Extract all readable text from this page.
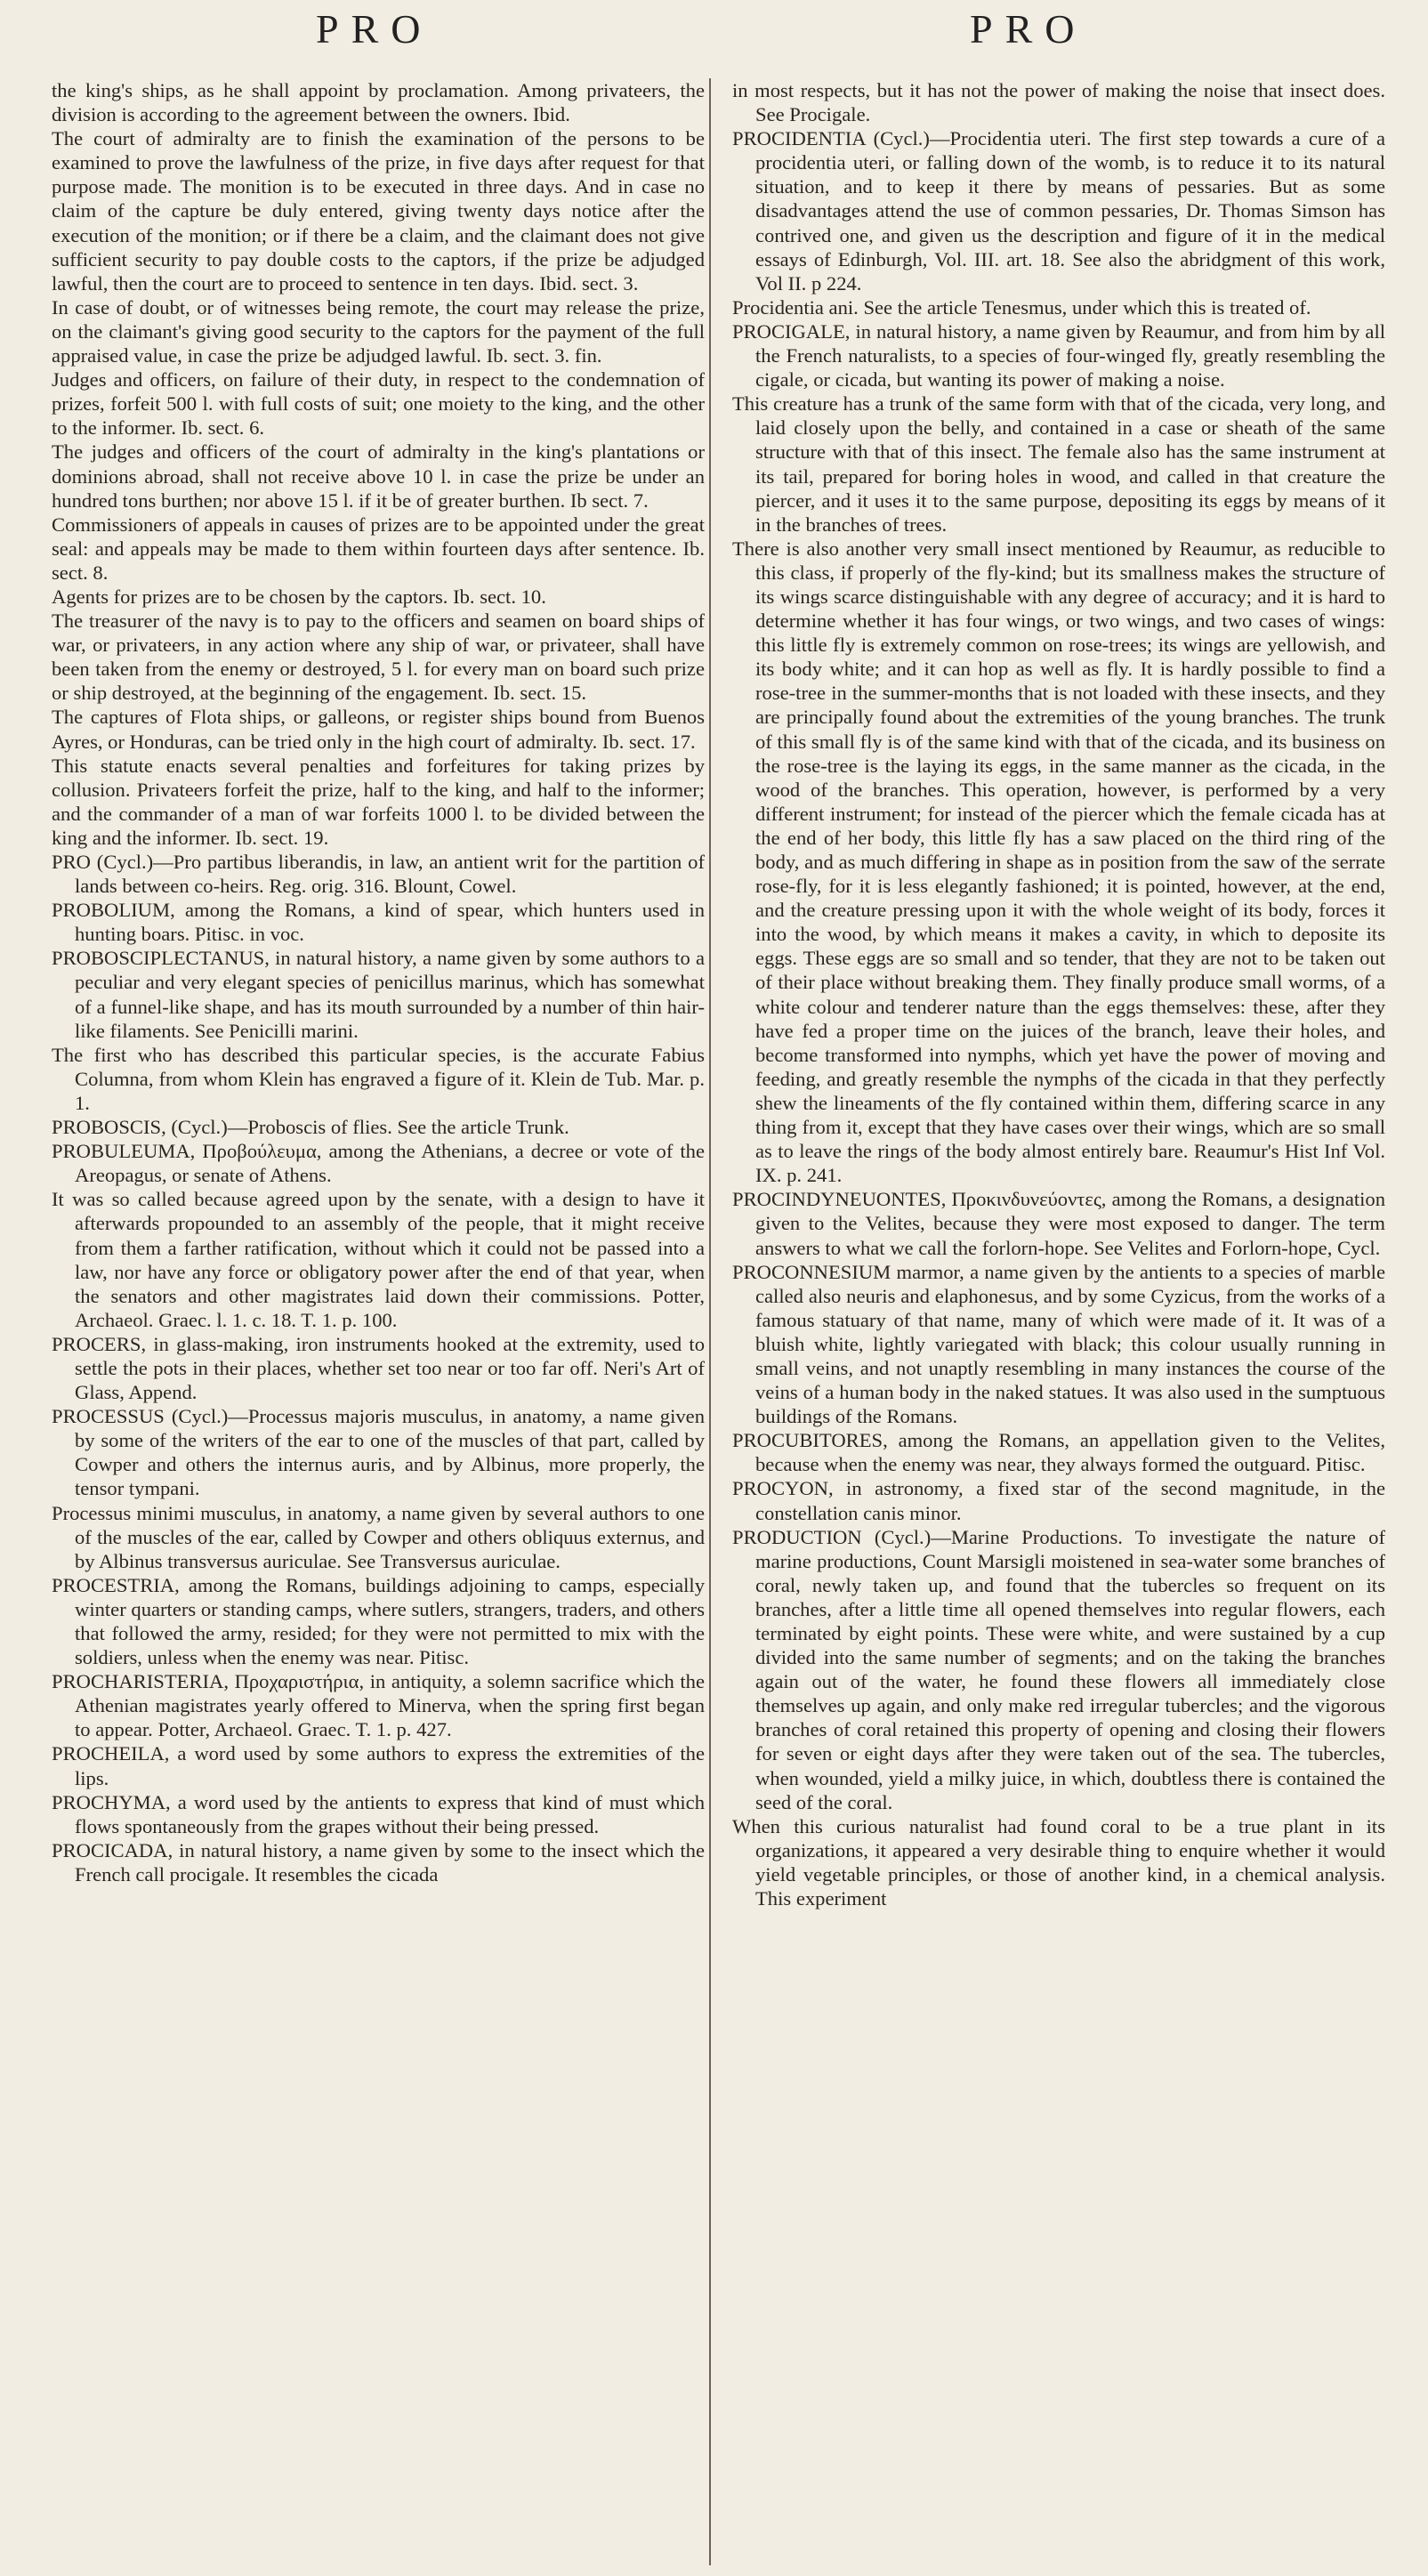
PRO	PRO

the king's ships, as he shall appoint by proclamation. Among privateers, the division is according to the agreement between the owners. Ibid.

The court of admiralty are to finish the examination of the persons to be examined to prove the lawfulness of the prize, in five days after request for that purpose made. The monition is to be executed in three days. And in case no claim of the capture be duly entered, giving twenty days notice after the execution of the monition; or if there be a claim, and the claimant does not give sufficient security to pay double costs to the captors, if the prize be adjudged lawful, then the court are to proceed to sentence in ten days. Ibid. sect. 3.

In case of doubt, or of witnesses being remote, the court may release the prize, on the claimant's giving good security to the captors for the payment of the full appraised value, in case the prize be adjudged lawful. Ib. sect. 3. fin.

Judges and officers, on failure of their duty, in respect to the condemnation of prizes, forfeit 500 l. with full costs of suit; one moiety to the king, and the other to the informer. Ib. sect. 6.

The judges and officers of the court of admiralty in the king's plantations or dominions abroad, shall not receive above 10 l. in case the prize be under an hundred tons burthen; nor above 15 l. if it be of greater burthen. Ib sect. 7.

Commissioners of appeals in causes of prizes are to be appointed under the great seal: and appeals may be made to them within fourteen days after sentence. Ib. sect. 8.

Agents for prizes are to be chosen by the captors. Ib. sect. 10.

The treasurer of the navy is to pay to the officers and seamen on board ships of war, or privateers, in any action where any ship of war, or privateer, shall have been taken from the enemy or destroyed, 5 l. for every man on board such prize or ship destroyed, at the beginning of the engagement. Ib. sect. 15.

The captures of Flota ships, or galleons, or register ships bound from Buenos Ayres, or Honduras, can be tried only in the high court of admiralty. Ib. sect. 17.

This statute enacts several penalties and forfeitures for taking prizes by collusion. Privateers forfeit the prize, half to the king, and half to the informer; and the commander of a man of war forfeits 1000 l. to be divided between the king and the informer. Ib. sect. 19.

PRO (Cycl.)—Pro partibus liberandis, in law, an antient writ for the partition of lands between co-heirs. Reg. orig. 316. Blount, Cowel.

PROBOLIUM, among the Romans, a kind of spear, which hunters used in hunting boars. Pitisc. in voc.

PROBOSCIPLECTANUS, in natural history, a name given by some authors to a peculiar and very elegant species of penicillus marinus, which has somewhat of a funnel-like shape, and has its mouth surrounded by a number of thin hair-like filaments. See Penicilli marini.

The first who has described this particular species, is the accurate Fabius Columna, from whom Klein has engraved a figure of it. Klein de Tub. Mar. p. 1.

PROBOSCIS, (Cycl.)—Proboscis of flies. See the article Trunk.

PROBULEUMA, Προβούλευμα, among the Athenians, a decree or vote of the Areopagus, or senate of Athens.

It was so called because agreed upon by the senate, with a design to have it afterwards propounded to an assembly of the people, that it might receive from them a farther ratification, without which it could not be passed into a law, nor have any force or obligatory power after the end of that year, when the senators and other magistrates laid down their commissions. Potter, Archaeol. Graec. l. 1. c. 18. T. 1. p. 100.

PROCERS, in glass-making, iron instruments hooked at the extremity, used to settle the pots in their places, whether set too near or too far off. Neri's Art of Glass, Append.

PROCESSUS (Cycl.)—Processus majoris musculus, in anatomy, a name given by some of the writers of the ear to one of the muscles of that part, called by Cowper and others the internus auris, and by Albinus, more properly, the tensor tympani.

Processus minimi musculus, in anatomy, a name given by several authors to one of the muscles of the ear, called by Cowper and others obliquus externus, and by Albinus transversus auriculae. See Transversus auriculae.

PROCESTRIA, among the Romans, buildings adjoining to camps, especially winter quarters or standing camps, where sutlers, strangers, traders, and others that followed the army, resided; for they were not permitted to mix with the soldiers, unless when the enemy was near. Pitisc.

PROCHARISTERIA, Προχαριστήρια, in antiquity, a solemn sacrifice which the Athenian magistrates yearly offered to Minerva, when the spring first began to appear. Potter, Archaeol. Graec. T. 1. p. 427.

PROCHEILA, a word used by some authors to express the extremities of the lips.

PROCHYMA, a word used by the antients to express that kind of must which flows spontaneously from the grapes without their being pressed.

PROCICADA, in natural history, a name given by some to the insect which the French call procigale. It resembles the cicada

in most respects, but it has not the power of making the noise that insect does. See Procigale.

PROCIDENTIA (Cycl.)—Procidentia uteri. The first step towards a cure of a procidentia uteri, or falling down of the womb, is to reduce it to its natural situation, and to keep it there by means of pessaries. But as some disadvantages attend the use of common pessaries, Dr. Thomas Simson has contrived one, and given us the description and figure of it in the medical essays of Edinburgh, Vol. III. art. 18. See also the abridgment of this work, Vol II. p 224.

Procidentia ani. See the article Tenesmus, under which this is treated of.

PROCIGALE, in natural history, a name given by Reaumur, and from him by all the French naturalists, to a species of four-winged fly, greatly resembling the cigale, or cicada, but wanting its power of making a noise.

This creature has a trunk of the same form with that of the cicada, very long, and laid closely upon the belly, and contained in a case or sheath of the same structure with that of this insect. The female also has the same instrument at its tail, prepared for boring holes in wood, and called in that creature the piercer, and it uses it to the same purpose, depositing its eggs by means of it in the branches of trees.

There is also another very small insect mentioned by Reaumur, as reducible to this class, if properly of the fly-kind; but its smallness makes the structure of its wings scarce distinguishable with any degree of accuracy; and it is hard to determine whether it has four wings, or two wings, and two cases of wings: this little fly is extremely common on rose-trees; its wings are yellowish, and its body white; and it can hop as well as fly. It is hardly possible to find a rose-tree in the summer-months that is not loaded with these insects, and they are principally found about the extremities of the young branches. The trunk of this small fly is of the same kind with that of the cicada, and its business on the rose-tree is the laying its eggs, in the same manner as the cicada, in the wood of the branches. This operation, however, is performed by a very different instrument; for instead of the piercer which the female cicada has at the end of her body, this little fly has a saw placed on the third ring of the body, and as much differing in shape as in position from the saw of the serrate rose-fly, for it is less elegantly fashioned; it is pointed, however, at the end, and the creature pressing upon it with the whole weight of its body, forces it into the wood, by which means it makes a cavity, in which to deposite its eggs. These eggs are so small and so tender, that they are not to be taken out of their place without breaking them. They finally produce small worms, of a white colour and tenderer nature than the eggs themselves: these, after they have fed a proper time on the juices of the branch, leave their holes, and become transformed into nymphs, which yet have the power of moving and feeding, and greatly resemble the nymphs of the cicada in that they perfectly shew the lineaments of the fly contained within them, differing scarce in any thing from it, except that they have cases over their wings, which are so small as to leave the rings of the body almost entirely bare. Reaumur's Hist Inf Vol. IX. p. 241.

PROCINDYNEUONTES, Προκινδυνεύοντες, among the Romans, a designation given to the Velites, because they were most exposed to danger. The term answers to what we call the forlorn-hope. See Velites and Forlorn-hope, Cycl.

PROCONNESIUM marmor, a name given by the antients to a species of marble called also neuris and elaphonesus, and by some Cyzicus, from the works of a famous statuary of that name, many of which were made of it. It was of a bluish white, lightly variegated with black; this colour usually running in small veins, and not unaptly resembling in many instances the course of the veins of a human body in the naked statues. It was also used in the sumptuous buildings of the Romans.

PROCUBITORES, among the Romans, an appellation given to the Velites, because when the enemy was near, they always formed the outguard. Pitisc.

PROCYON, in astronomy, a fixed star of the second magnitude, in the constellation canis minor.

PRODUCTION (Cycl.)—Marine Productions. To investigate the nature of marine productions, Count Marsigli moistened in sea-water some branches of coral, newly taken up, and found that the tubercles so frequent on its branches, after a little time all opened themselves into regular flowers, each terminated by eight points. These were white, and were sustained by a cup divided into the same number of segments; and on the taking the branches again out of the water, he found these flowers all immediately close themselves up again, and only make red irregular tubercles; and the vigorous branches of coral retained this property of opening and closing their flowers for seven or eight days after they were taken out of the sea. The tubercles, when wounded, yield a milky juice, in which, doubtless there is contained the seed of the coral.

When this curious naturalist had found coral to be a true plant in its organizations, it appeared a very desirable thing to enquire whether it would yield vegetable principles, or those of another kind, in a chemical analysis. This experiment
